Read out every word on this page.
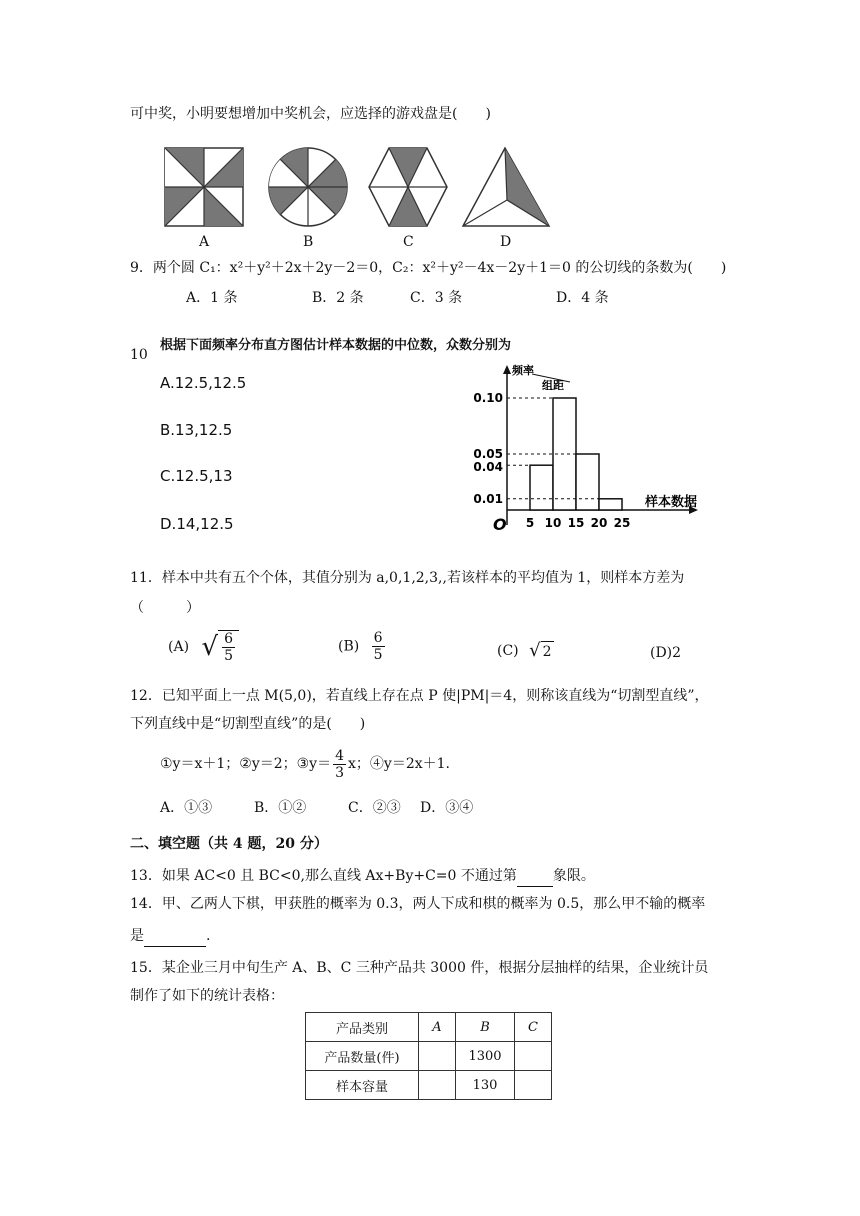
可中奖，小明要想增加中奖机会，应选择的游戏盘是(　　)
A	B	C	D
9．两个圆 C₁：x²＋y²＋2x＋2y－2＝0，C₂：x²＋y²－4x－2y＋1＝0 的公切线的条数为(　　)
A．1 条	B．2 条	C．3 条	D．4 条
10
根据下面频率分布直方图估计样本数据的中位数，众数分别为
A.12.5,12.5
B.13,12.5
C.12.5,13
D.14,12.5
频率
组距
样本数据
O
0.10
0.05
0.04
0.01
5 10 15 20 25
11．样本中共有五个个体，其值分别为 a,0,1,2,3,,若该样本的平均值为 1，则样本方差为
（　　　）
(A) √ $\frac{6}{5}$	$(B) \frac{6}{5}$	(C) √ 2	(D)2
12．已知平面上一点 M(5,0)，若直线上存在点 P 使|PM|＝4，则称该直线为“切割型直线”，
下列直线中是“切割型直线”的是(　　)
①y＝x＋1；②y＝2；③y＝ $\frac{4}{3}$ x；④y＝2x＋1.
A．①③	B．①②	C．②③ D．③④
二、填空题（共 4 题，20 分）
13．如果 AC<0 且 BC<0,那么直线 Ax+By+C=0 不通过第	象限。
14．甲、乙两人下棋，甲获胜的概率为 0.3，两人下成和棋的概率为 0.5，那么甲不输的概率
是	.
15．某企业三月中旬生产 A、B、C 三种产品共 3000 件，根据分层抽样的结果，企业统计员
制作了如下的统计表格：
产品类别	A	B	C
产品数量(件)		1300	
样本容量		130	
